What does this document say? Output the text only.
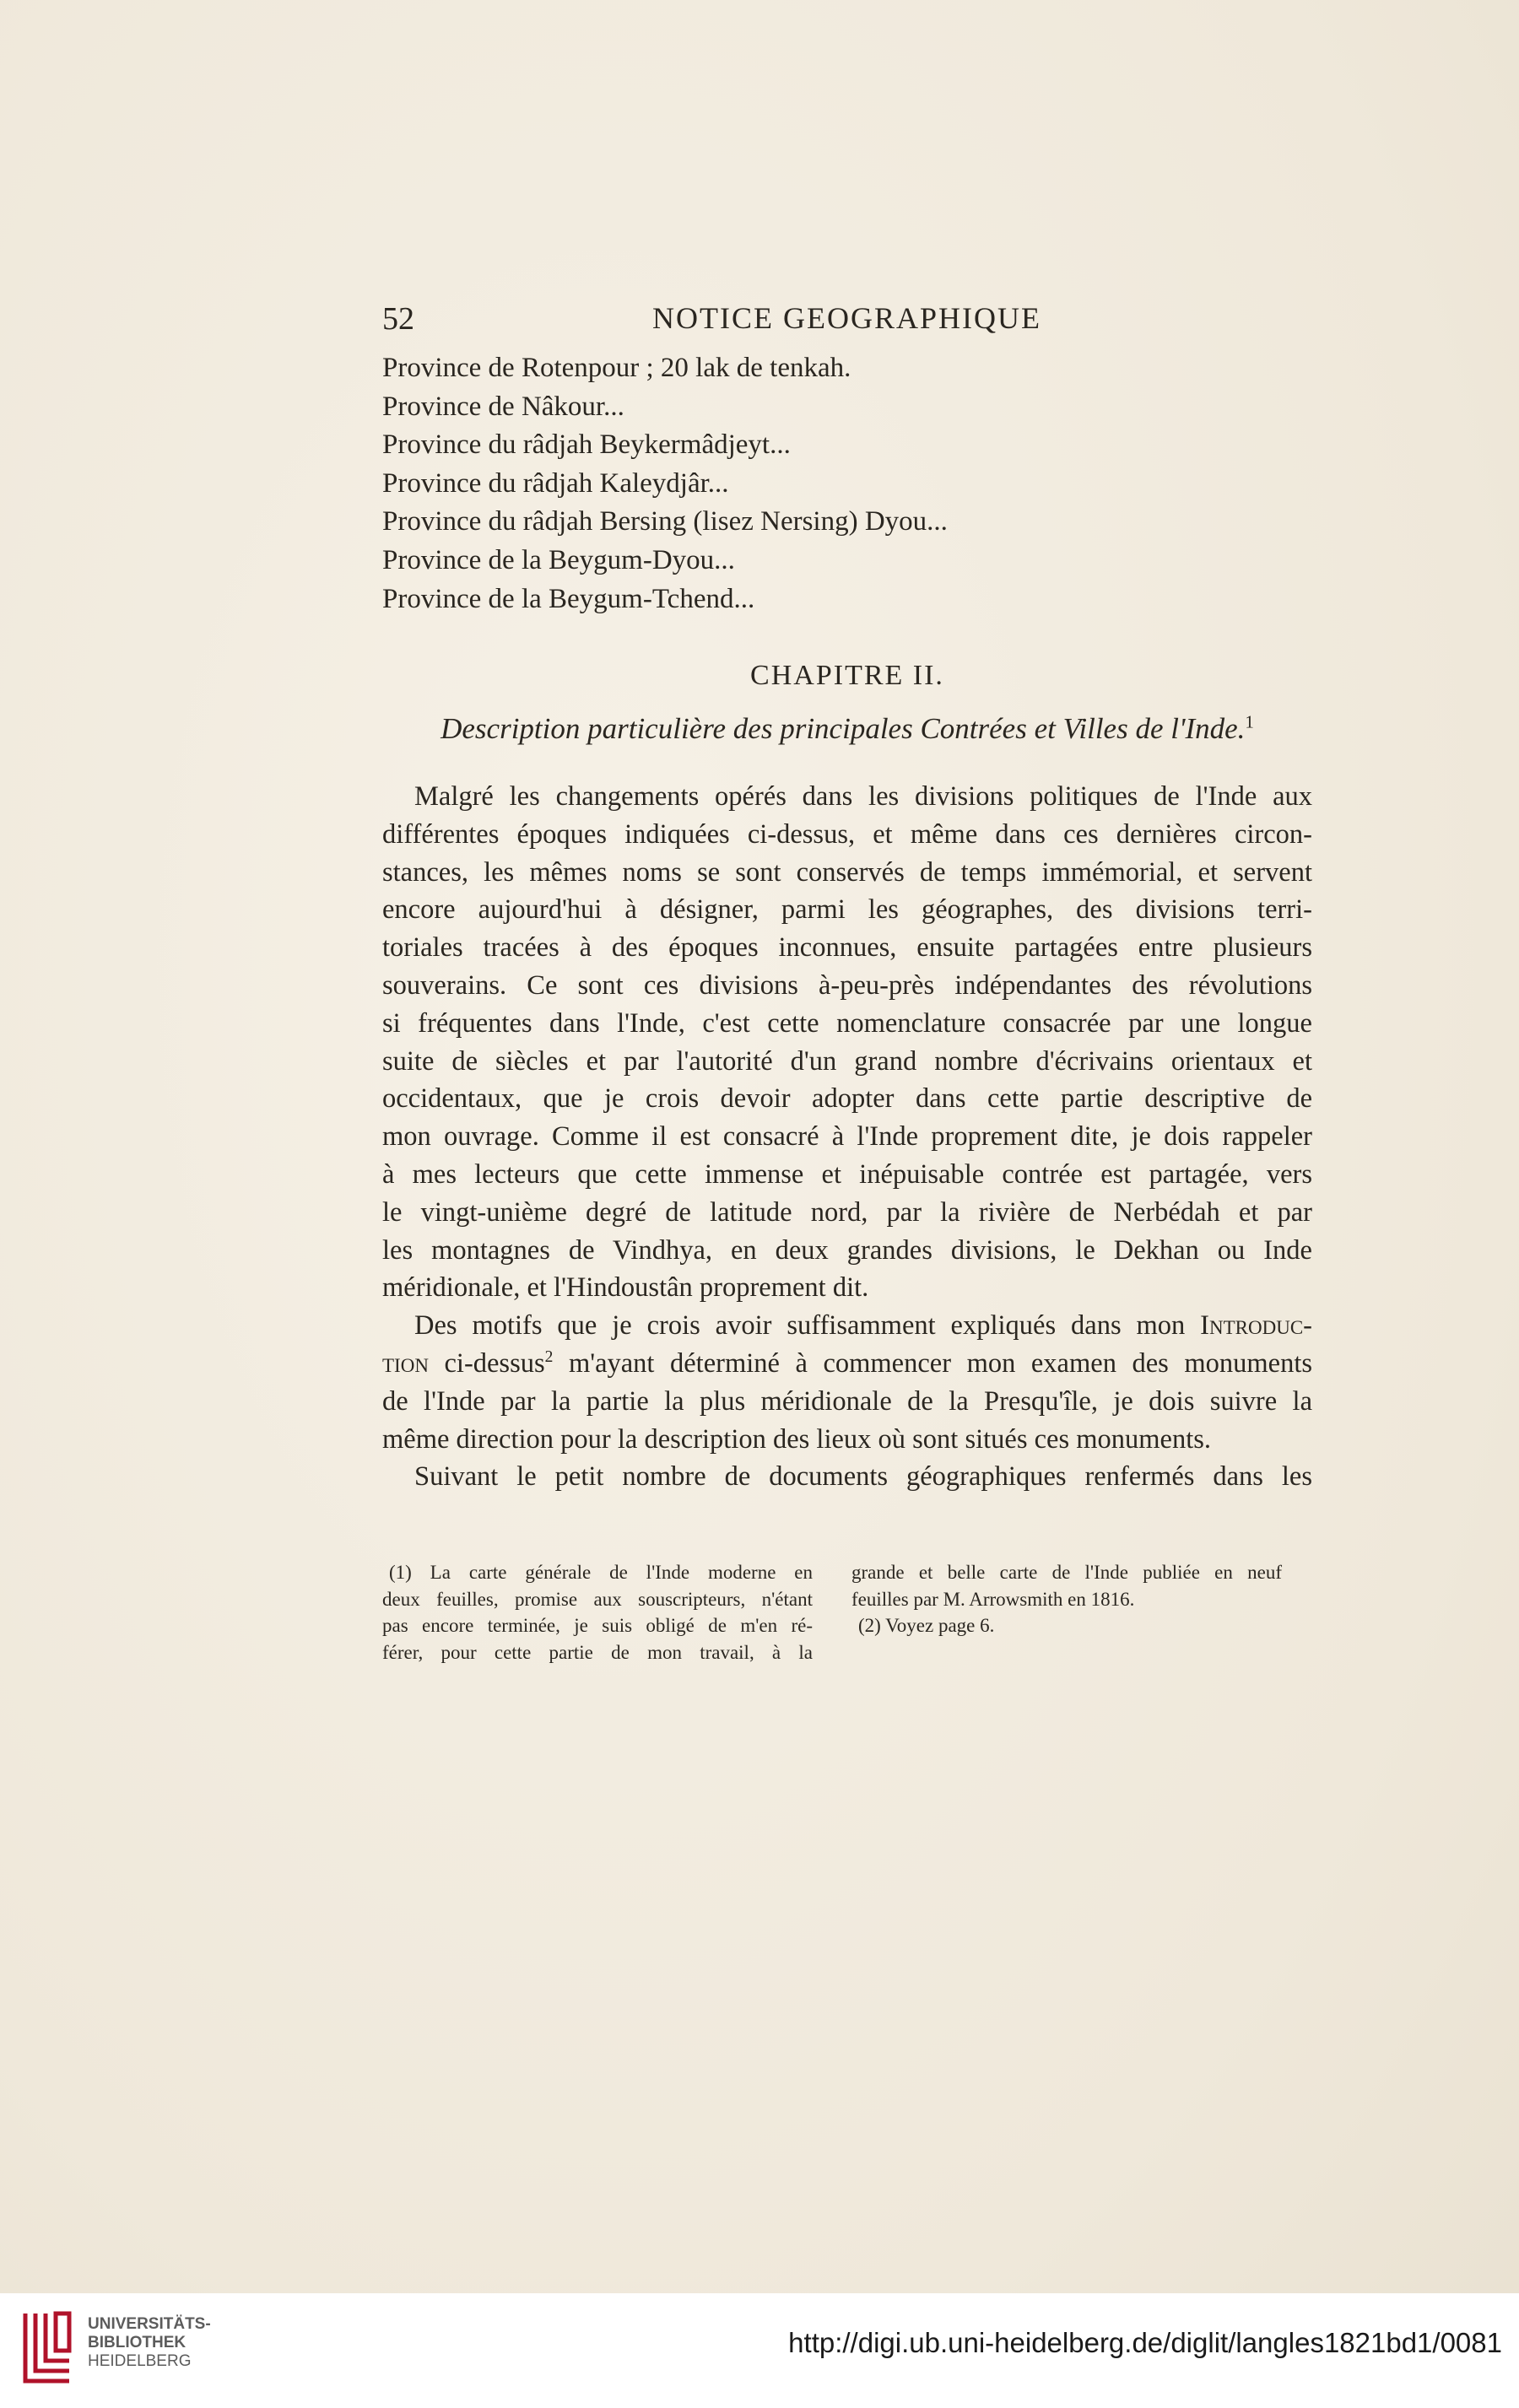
52	NOTICE GEOGRAPHIQUE
Province de Rotenpour ; 20 lak de tenkah.
Province de Nâkour...
Province du râdjah Beykermâdjeyt...
Province du râdjah Kaleydjâr...
Province du râdjah Bersing (lisez Nersing) Dyou...
Province de la Beygum-Dyou...
Province de la Beygum-Tchend...
CHAPITRE II.
Description particulière des principales Contrées et Villes de l'Inde.$^1$
Malgré les changements opérés dans les divisions politiques de l'Inde aux
différentes époques indiquées ci-dessus, et même dans ces dernières circon-
stances, les mêmes noms se sont conservés de temps immémorial, et servent
encore aujourd'hui à désigner, parmi les géographes, des divisions terri-
toriales tracées à des époques inconnues, ensuite partagées entre plusieurs
souverains. Ce sont ces divisions à-peu-près indépendantes des révolutions
si fréquentes dans l'Inde, c'est cette nomenclature consacrée par une longue
suite de siècles et par l'autorité d'un grand nombre d'écrivains orientaux et
occidentaux, que je crois devoir adopter dans cette partie descriptive de
mon ouvrage. Comme il est consacré à l'Inde proprement dite, je dois rappeler
à mes lecteurs que cette immense et inépuisable contrée est partagée, vers
le vingt-unième degré de latitude nord, par la rivière de Nerbédah et par
les montagnes de Vindhya, en deux grandes divisions, le Dekhan ou Inde
méridionale, et l'Hindoustân proprement dit.
Des motifs que je crois avoir suffisamment expliqués dans mon Introduc-
tion ci-dessus$^2$ m'ayant déterminé à commencer mon examen des monuments
de l'Inde par la partie la plus méridionale de la Presqu'île, je dois suivre la
même direction pour la description des lieux où sont situés ces monuments.
Suivant le petit nombre de documents géographiques renfermés dans les
(1) La carte générale de l'Inde moderne en
deux feuilles, promise aux souscripteurs, n'étant
pas encore terminée, je suis obligé de m'en ré-
férer, pour cette partie de mon travail, à la
grande et belle carte de l'Inde publiée en neuf
feuilles par M. Arrowsmith en 1816.
(2) Voyez page 6.
UNIVERSITÄTS-
BIBLIOTHEK
HEIDELBERG
http://digi.ub.uni-heidelberg.de/diglit/langles1821bd1/0081
